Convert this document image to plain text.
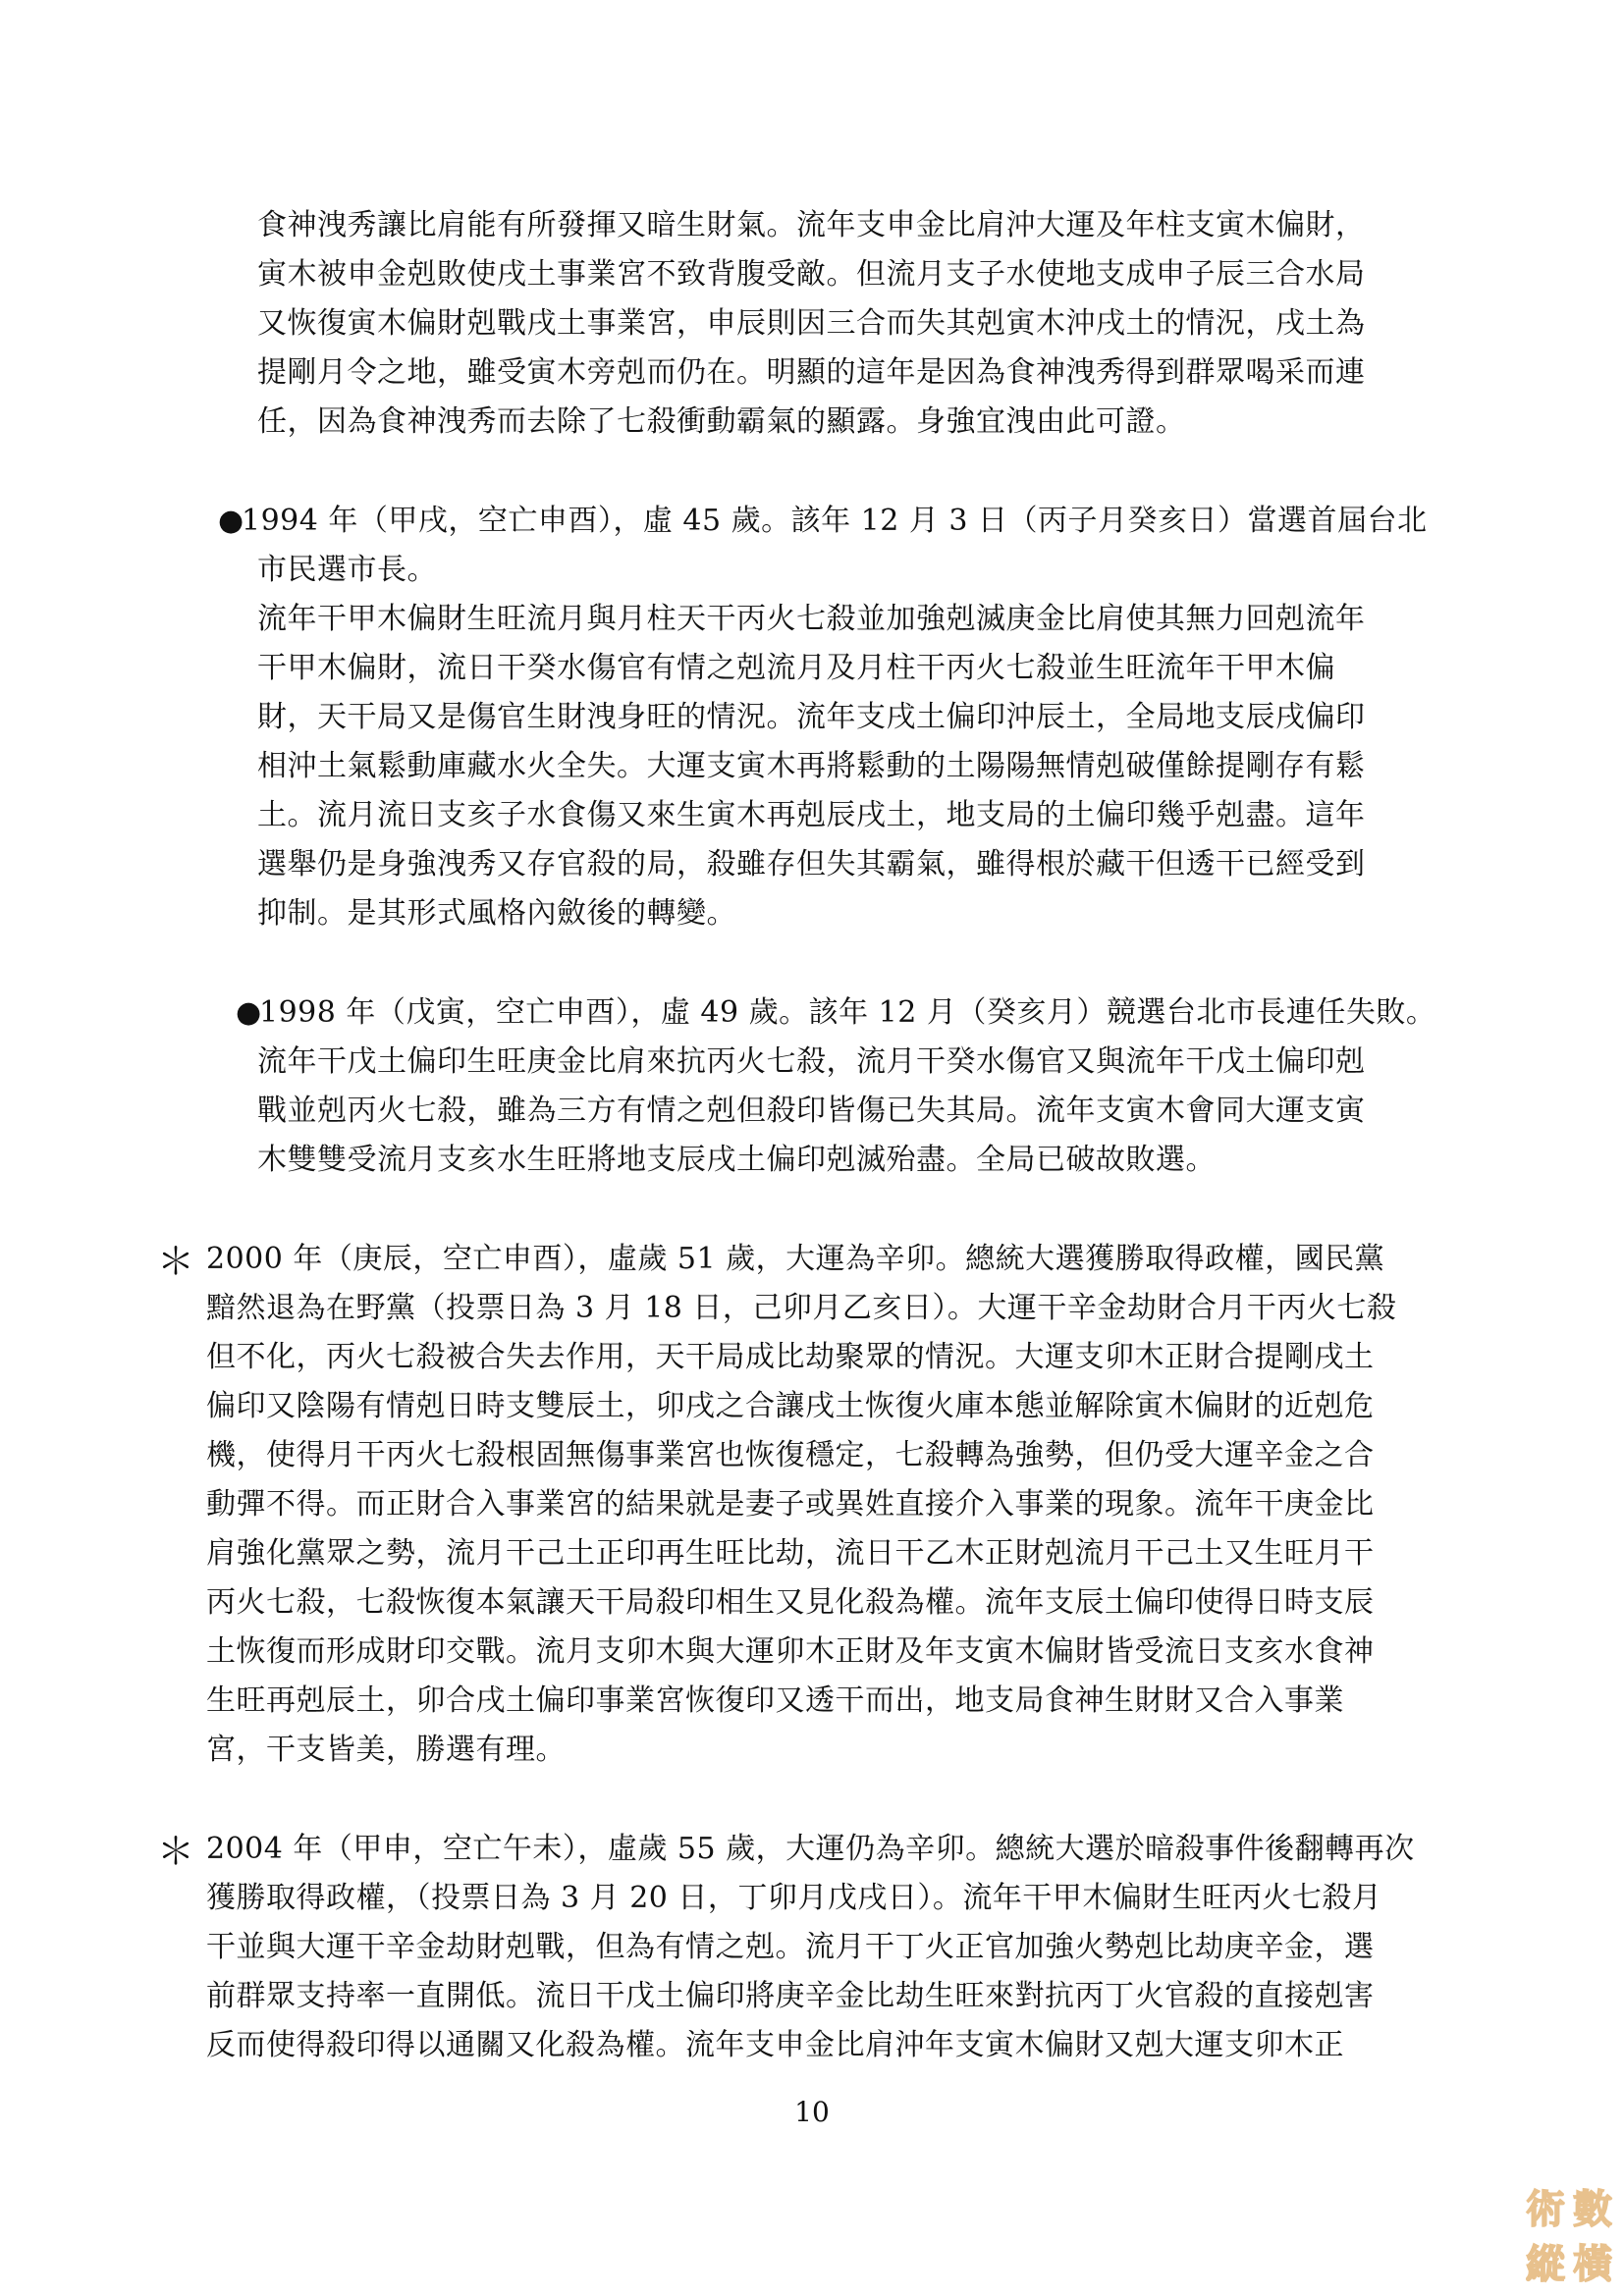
食神洩秀讓比肩能有所發揮又暗生財氣。流年支申金比肩沖大運及年柱支寅木偏財，
寅木被申金剋敗使戌土事業宮不致背腹受敵。但流月支子水使地支成申子辰三合水局
又恢復寅木偏財剋戰戌土事業宮，申辰則因三合而失其剋寅木沖戌土的情況，戌土為
提剛月令之地，雖受寅木旁剋而仍在。明顯的這年是因為食神洩秀得到群眾喝采而連
任，因為食神洩秀而去除了七殺衝動霸氣的顯露。身強宜洩由此可證。
●
1994 年（甲戌，空亡申酉），虛 45 歲。該年 12 月 3 日（丙子月癸亥日）當選首屆台北
市民選市長。
流年干甲木偏財生旺流月與月柱天干丙火七殺並加強剋滅庚金比肩使其無力回剋流年
干甲木偏財，流日干癸水傷官有情之剋流月及月柱干丙火七殺並生旺流年干甲木偏
財，天干局又是傷官生財洩身旺的情況。流年支戌土偏印沖辰土，全局地支辰戌偏印
相沖土氣鬆動庫藏水火全失。大運支寅木再將鬆動的土陽陽無情剋破僅餘提剛存有鬆
土。流月流日支亥子水食傷又來生寅木再剋辰戌土，地支局的土偏印幾乎剋盡。這年
選舉仍是身強洩秀又存官殺的局，殺雖存但失其霸氣，雖得根於藏干但透干已經受到
抑制。是其形式風格內斂後的轉變。
●
1998 年（戊寅，空亡申酉），虛 49 歲。該年 12 月（癸亥月）競選台北市長連任失敗。
流年干戊土偏印生旺庚金比肩來抗丙火七殺，流月干癸水傷官又與流年干戊土偏印剋
戰並剋丙火七殺，雖為三方有情之剋但殺印皆傷已失其局。流年支寅木會同大運支寅
木雙雙受流月支亥水生旺將地支辰戌土偏印剋滅殆盡。全局已破故敗選。
＊ 2000 年（庚辰，空亡申酉），虛歲 51 歲，大運為辛卯。總統大選獲勝取得政權，國民黨
黯然退為在野黨（投票日為 3 月 18 日，己卯月乙亥日）。大運干辛金劫財合月干丙火七殺
但不化，丙火七殺被合失去作用，天干局成比劫聚眾的情況。大運支卯木正財合提剛戌土
偏印又陰陽有情剋日時支雙辰土，卯戌之合讓戌土恢復火庫本態並解除寅木偏財的近剋危
機，使得月干丙火七殺根固無傷事業宮也恢復穩定，七殺轉為強勢，但仍受大運辛金之合
動彈不得。而正財合入事業宮的結果就是妻子或異姓直接介入事業的現象。流年干庚金比
肩強化黨眾之勢，流月干己土正印再生旺比劫，流日干乙木正財剋流月干己土又生旺月干
丙火七殺，七殺恢復本氣讓天干局殺印相生又見化殺為權。流年支辰土偏印使得日時支辰
土恢復而形成財印交戰。流月支卯木與大運卯木正財及年支寅木偏財皆受流日支亥水食神
生旺再剋辰土，卯合戌土偏印事業宮恢復印又透干而出，地支局食神生財財又合入事業
宮，干支皆美，勝選有理。
＊ 2004 年（甲申，空亡午未），虛歲 55 歲，大運仍為辛卯。總統大選於暗殺事件後翻轉再次
獲勝取得政權，（投票日為 3 月 20 日，丁卯月戊戌日）。流年干甲木偏財生旺丙火七殺月
干並與大運干辛金劫財剋戰，但為有情之剋。流月干丁火正官加強火勢剋比劫庚辛金，選
前群眾支持率一直開低。流日干戊土偏印將庚辛金比劫生旺來對抗丙丁火官殺的直接剋害
反而使得殺印得以通關又化殺為權。流年支申金比肩沖年支寅木偏財又剋大運支卯木正
10
術 數
縱 橫
